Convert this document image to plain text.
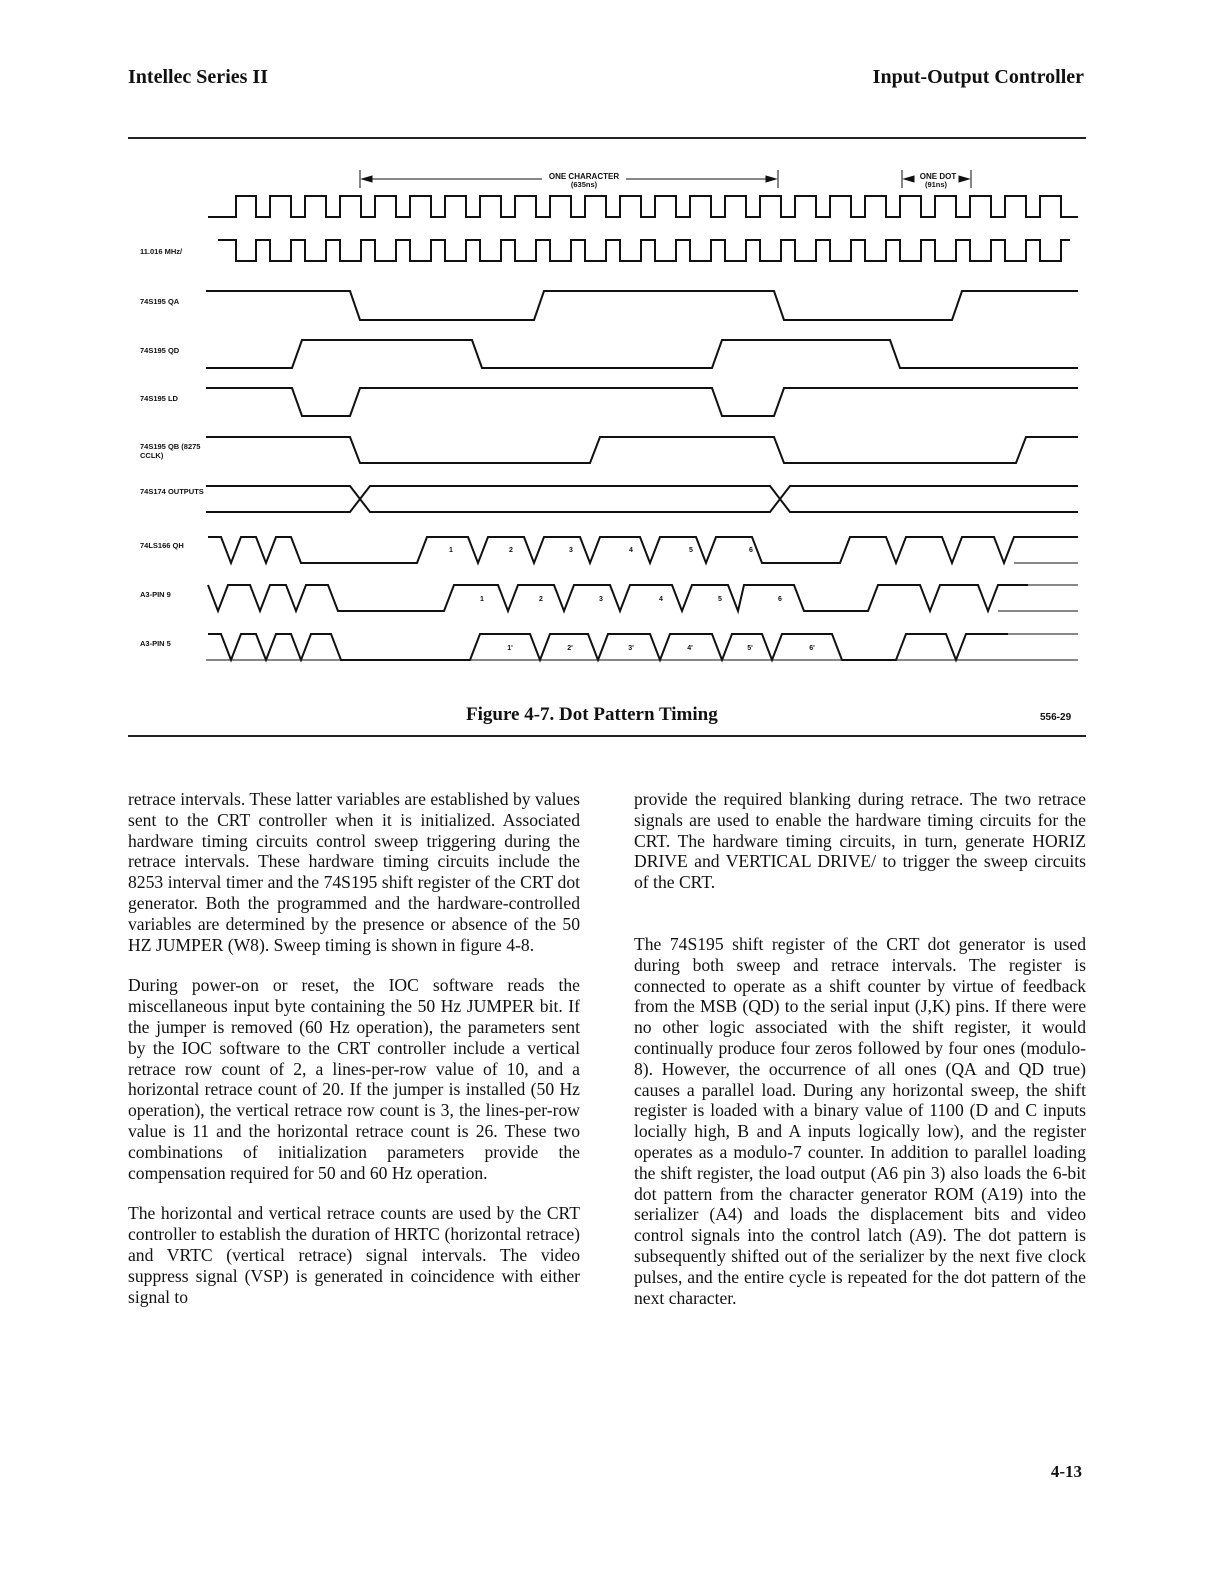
Intellec Series II	Input-Output Controller
11.016 MHz/
74S195 QA
74S195 QD
74S195 LD
74S195 QB (8275 CCLK)
74S174 OUTPUTS
74LS166 QH
A3-PIN 9
A3-PIN 5
ONE CHARACTER
(635ns)
ONE DOT
(91ns)
1	2	3	4	5	6
1	2	3	4	5	6
1'	2'	3'	4'	5'	6'
Figure 4-7. Dot Pattern Timing	556-29

retrace intervals. These latter variables are established by values sent to the CRT controller when it is initialized. Associated hardware timing circuits control sweep triggering during the retrace intervals. These hardware timing circuits include the 8253 interval timer and the 74S195 shift register of the CRT dot generator. Both the programmed and the hardware-controlled variables are determined by the presence or absence of the 50 HZ JUMPER (W8). Sweep timing is shown in figure 4-8.

During power-on or reset, the IOC software reads the miscellaneous input byte containing the 50 Hz JUMPER bit. If the jumper is removed (60 Hz operation), the parameters sent by the IOC software to the CRT controller include a vertical retrace row count of 2, a lines-per-row value of 10, and a horizontal retrace count of 20. If the jumper is installed (50 Hz operation), the vertical retrace row count is 3, the lines-per-row value is 11 and the horizontal retrace count is 26. These two combinations of initialization parameters provide the compensation required for 50 and 60 Hz operation.

The horizontal and vertical retrace counts are used by the CRT controller to establish the duration of HRTC (horizontal retrace) and VRTC (vertical retrace) signal intervals. The video suppress signal (VSP) is generated in coincidence with either signal to

provide the required blanking during retrace. The two retrace signals are used to enable the hardware timing circuits for the CRT. The hardware timing circuits, in turn, generate HORIZ DRIVE and VERTICAL DRIVE/ to trigger the sweep circuits of the CRT.

The 74S195 shift register of the CRT dot generator is used during both sweep and retrace intervals. The register is connected to operate as a shift counter by virtue of feedback from the MSB (QD) to the serial input (J,K) pins. If there were no other logic associated with the shift register, it would continually produce four zeros followed by four ones (modulo-8). However, the occurrence of all ones (QA and QD true) causes a parallel load. During any horizontal sweep, the shift register is loaded with a binary value of 1100 (D and C inputs locially high, B and A inputs logically low), and the register operates as a modulo-7 counter. In addition to parallel loading the shift register, the load output (A6 pin 3) also loads the 6-bit dot pattern from the character generator ROM (A19) into the serializer (A4) and loads the displacement bits and video control signals into the control latch (A9). The dot pattern is subsequently shifted out of the serializer by the next five clock pulses, and the entire cycle is repeated for the dot pattern of the next character.

4-13
